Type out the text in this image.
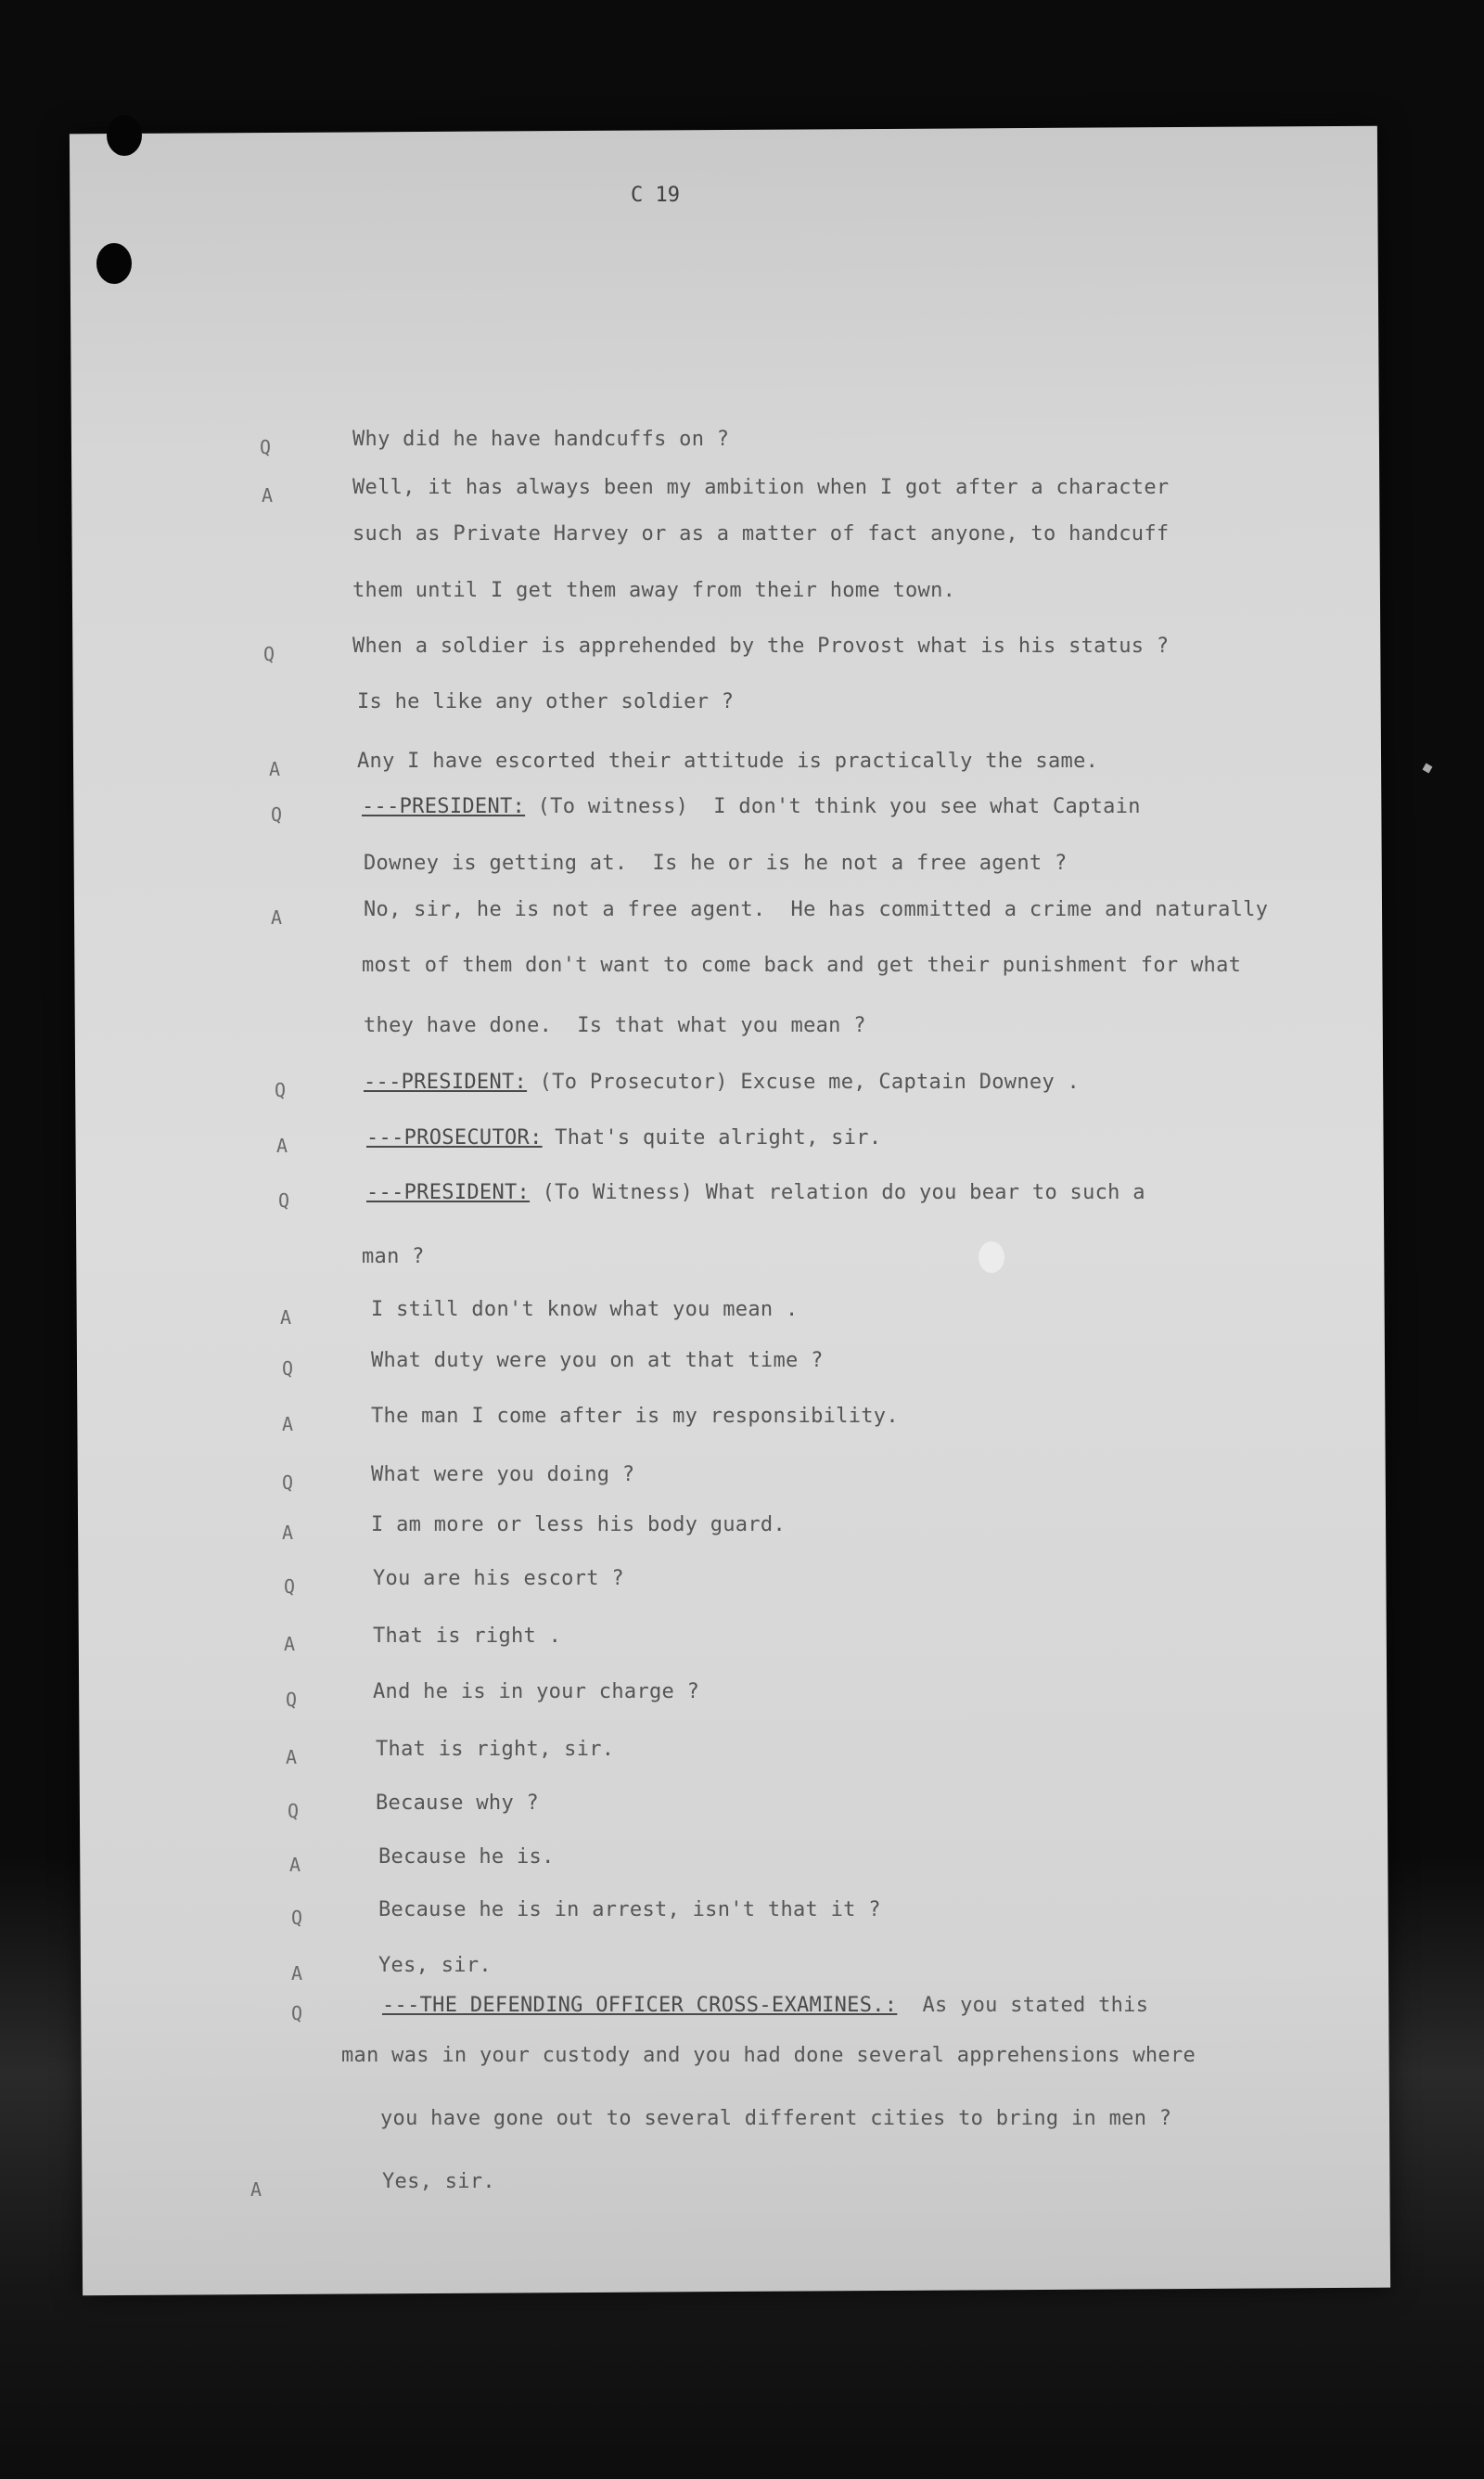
C 19
Q	Why did he have handcuffs on ?
A	Well, it has always been my ambition when I got after a character
such as Private Harvey or as a matter of fact anyone, to handcuff
them until I get them away from their home town.
Q	When a soldier is apprehended by the Provost what is his status ?
Is he like any other soldier ?
A	Any I have escorted their attitude is practically the same.
Q	---PRESIDENT: (To witness)  I don't think you see what Captain
Downey is getting at.  Is he or is he not a free agent ?
A	No, sir, he is not a free agent.  He has committed a crime and naturally
most of them don't want to come back and get their punishment for what
they have done.  Is that what you mean ?
Q	---PRESIDENT: (To Prosecutor) Excuse me, Captain Downey .
A	---PROSECUTOR: That's quite alright, sir.
Q	---PRESIDENT: (To Witness) What relation do you bear to such a
man ?
A	I still don't know what you mean .
Q	What duty were you on at that time ?
A	The man I come after is my responsibility.
Q	What were you doing ?
A	I am more or less his body guard.
Q	You are his escort ?
A	That is right .
Q	And he is in your charge ?
A	That is right, sir.
Q	Because why ?
A	Because he is.
Q	Because he is in arrest, isn't that it ?
A	Yes, sir.
Q	---THE DEFENDING OFFICER CROSS-EXAMINES.:  As you stated this
man was in your custody and you had done several apprehensions where
you have gone out to several different cities to bring in men ?
A	Yes, sir.
